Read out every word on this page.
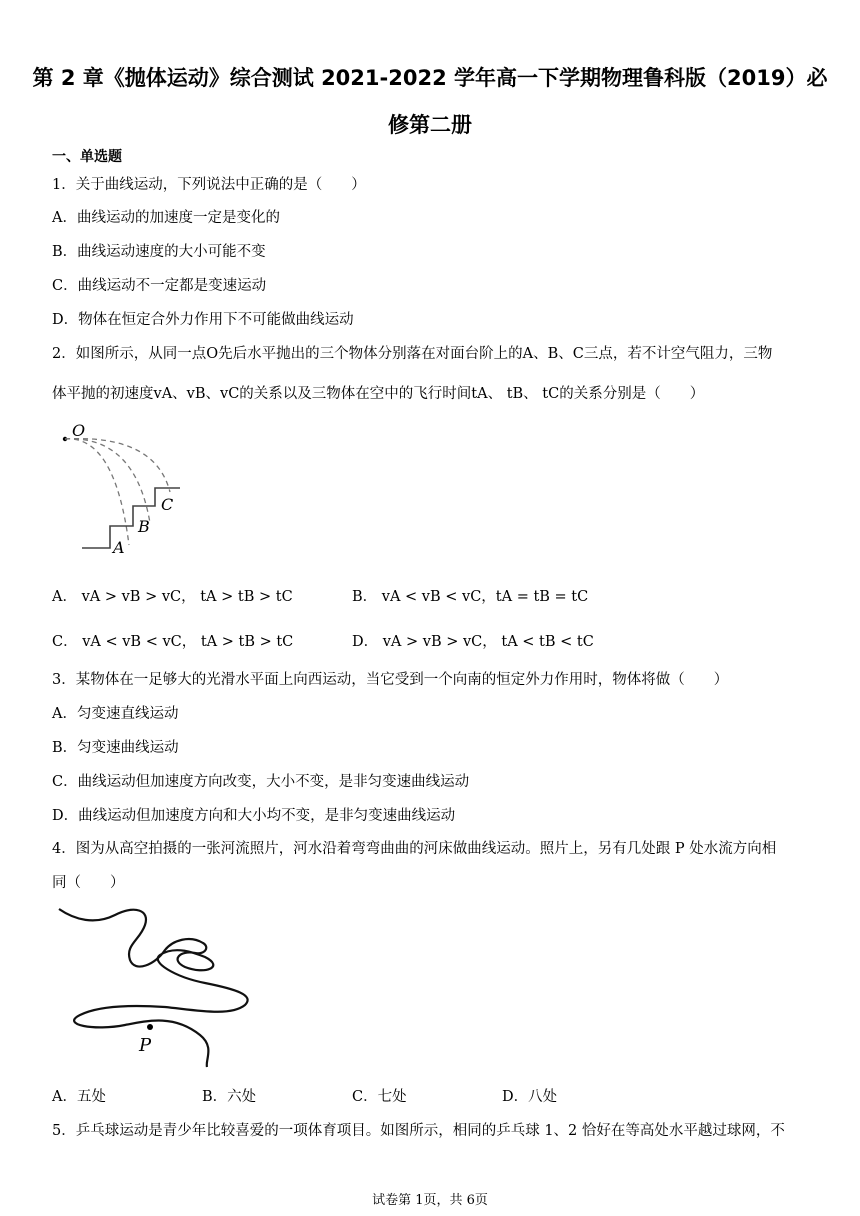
第 2 章《抛体运动》综合测试 2021-2022 学年高一下学期物理鲁科版（2019）必
修第二册
一、单选题
1．关于曲线运动，下列说法中正确的是（　　）
A．曲线运动的加速度一定是变化的
B．曲线运动速度的大小可能不变
C．曲线运动不一定都是变速运动
D．物体在恒定合外力作用下不可能做曲线运动
2．如图所示，从同一点O先后水平抛出的三个物体分别落在对面台阶上的A、B、C三点，若不计空气阻力，三物
体平抛的初速度vA、vB、vC的关系以及三物体在空中的飞行时间tA、 tB、 tC的关系分别是（　　）
O
A
B
C
A． vA > vB > vC， tA > tB > tC	B． vA < vB < vC，tA = tB = tC
C． vA < vB < vC， tA > tB > tC	D． vA > vB > vC， tA < tB < tC
3．某物体在一足够大的光滑水平面上向西运动，当它受到一个向南的恒定外力作用时，物体将做（　　）
A．匀变速直线运动
B．匀变速曲线运动
C．曲线运动但加速度方向改变，大小不变，是非匀变速曲线运动
D．曲线运动但加速度方向和大小均不变，是非匀变速曲线运动
4．图为从高空拍摄的一张河流照片，河水沿着弯弯曲曲的河床做曲线运动。照片上，另有几处跟 P 处水流方向相
同（　　）
P
A．五处	B．六处	C．七处	D．八处
5．乒乓球运动是青少年比较喜爱的一项体育项目。如图所示，相同的乒乓球 1、2 恰好在等高处水平越过球网，不
试卷第 1页，共 6页
